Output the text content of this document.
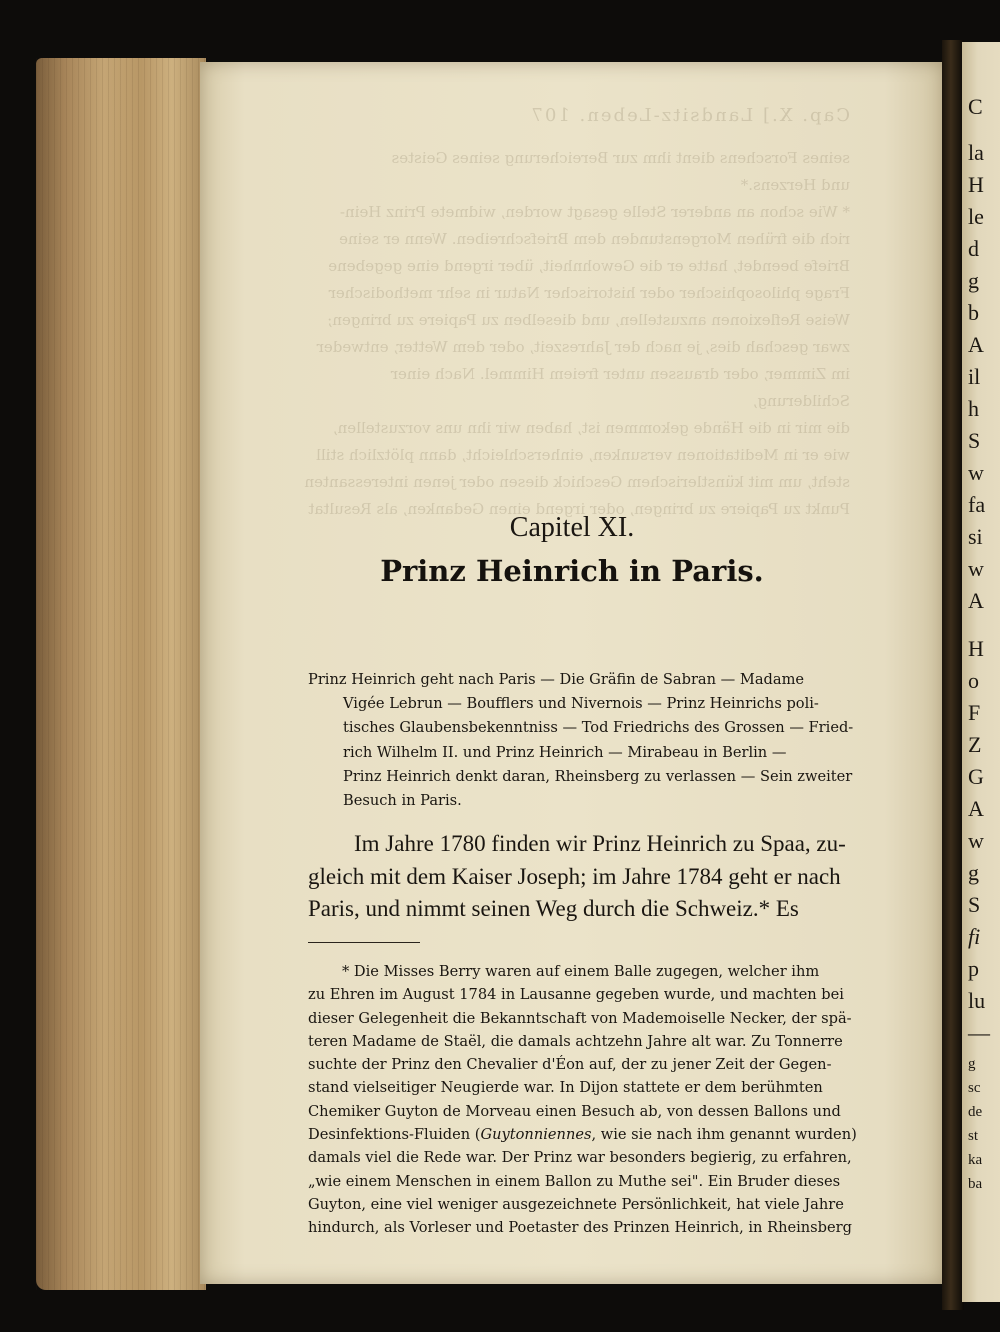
Cap. X.] Landsitz-Leben. 107
seines Forschens dient ihm zur Bereicherung seines Geistes
und Herzens.*
* Wie schon an anderer Stelle gesagt worden, widmete Prinz Hein-
rich die frühen Morgenstunden dem Briefschreiben. Wenn er seine
Briefe beendet, hatte er die Gewohnheit, über irgend eine gegebene
Frage philosophischer oder historischer Natur in sehr methodischer
Weise Reflexionen anzustellen, und dieselben zu Papiere zu bringen;
zwar geschah dies, je nach der Jahreszeit, oder dem Wetter, entweder
im Zimmer, oder draussen unter freiem Himmel. Nach einer Schilderung,
die mir in die Hände gekommen ist, haben wir ihn uns vorzustellen,
wie er in Meditationen versunken, einherschleicht, dann plötzlich still
steht, um mit künstlerischem Geschick diesen oder jenen interessanten
Punkt zu Papiere zu bringen, oder irgend einen Gedanken, als Resultat
Capitel XI.
Prinz Heinrich in Paris.
Prinz Heinrich geht nach Paris — Die Gräfin de Sabran — Madame
Vigée Lebrun — Boufflers und Nivernois — Prinz Heinrichs poli-
tisches Glaubensbekenntniss — Tod Friedrichs des Grossen — Fried-
rich Wilhelm II. und Prinz Heinrich — Mirabeau in Berlin —
Prinz Heinrich denkt daran, Rheinsberg zu verlassen — Sein zweiter
Besuch in Paris.
Im Jahre 1780 finden wir Prinz Heinrich zu Spaa, zu-
gleich mit dem Kaiser Joseph; im Jahre 1784 geht er nach
Paris, und nimmt seinen Weg durch die Schweiz.* Es
* Die Misses Berry waren auf einem Balle zugegen, welcher ihm
zu Ehren im August 1784 in Lausanne gegeben wurde, und machten bei
dieser Gelegenheit die Bekanntschaft von Mademoiselle Necker, der spä-
teren Madame de Staël, die damals achtzehn Jahre alt war. Zu Tonnerre
suchte der Prinz den Chevalier d'Éon auf, der zu jener Zeit der Gegen-
stand vielseitiger Neugierde war. In Dijon stattete er dem berühmten
Chemiker Guyton de Morveau einen Besuch ab, von dessen Ballons und
Desinfektions-Fluiden (Guytonniennes, wie sie nach ihm genannt wurden)
damals viel die Rede war. Der Prinz war besonders begierig, zu erfahren,
„wie einem Menschen in einem Ballon zu Muthe sei". Ein Bruder dieses
Guyton, eine viel weniger ausgezeichnete Persönlichkeit, hat viele Jahre
hindurch, als Vorleser und Poetaster des Prinzen Heinrich, in Rheinsberg
C
la
H
le
d
g
b
A
il
h
S
w
fa
si
w
A
H
o
F
Z
G
A
w
g
S
fi
p
lu
—
g
sc
de
st
ka
ba
